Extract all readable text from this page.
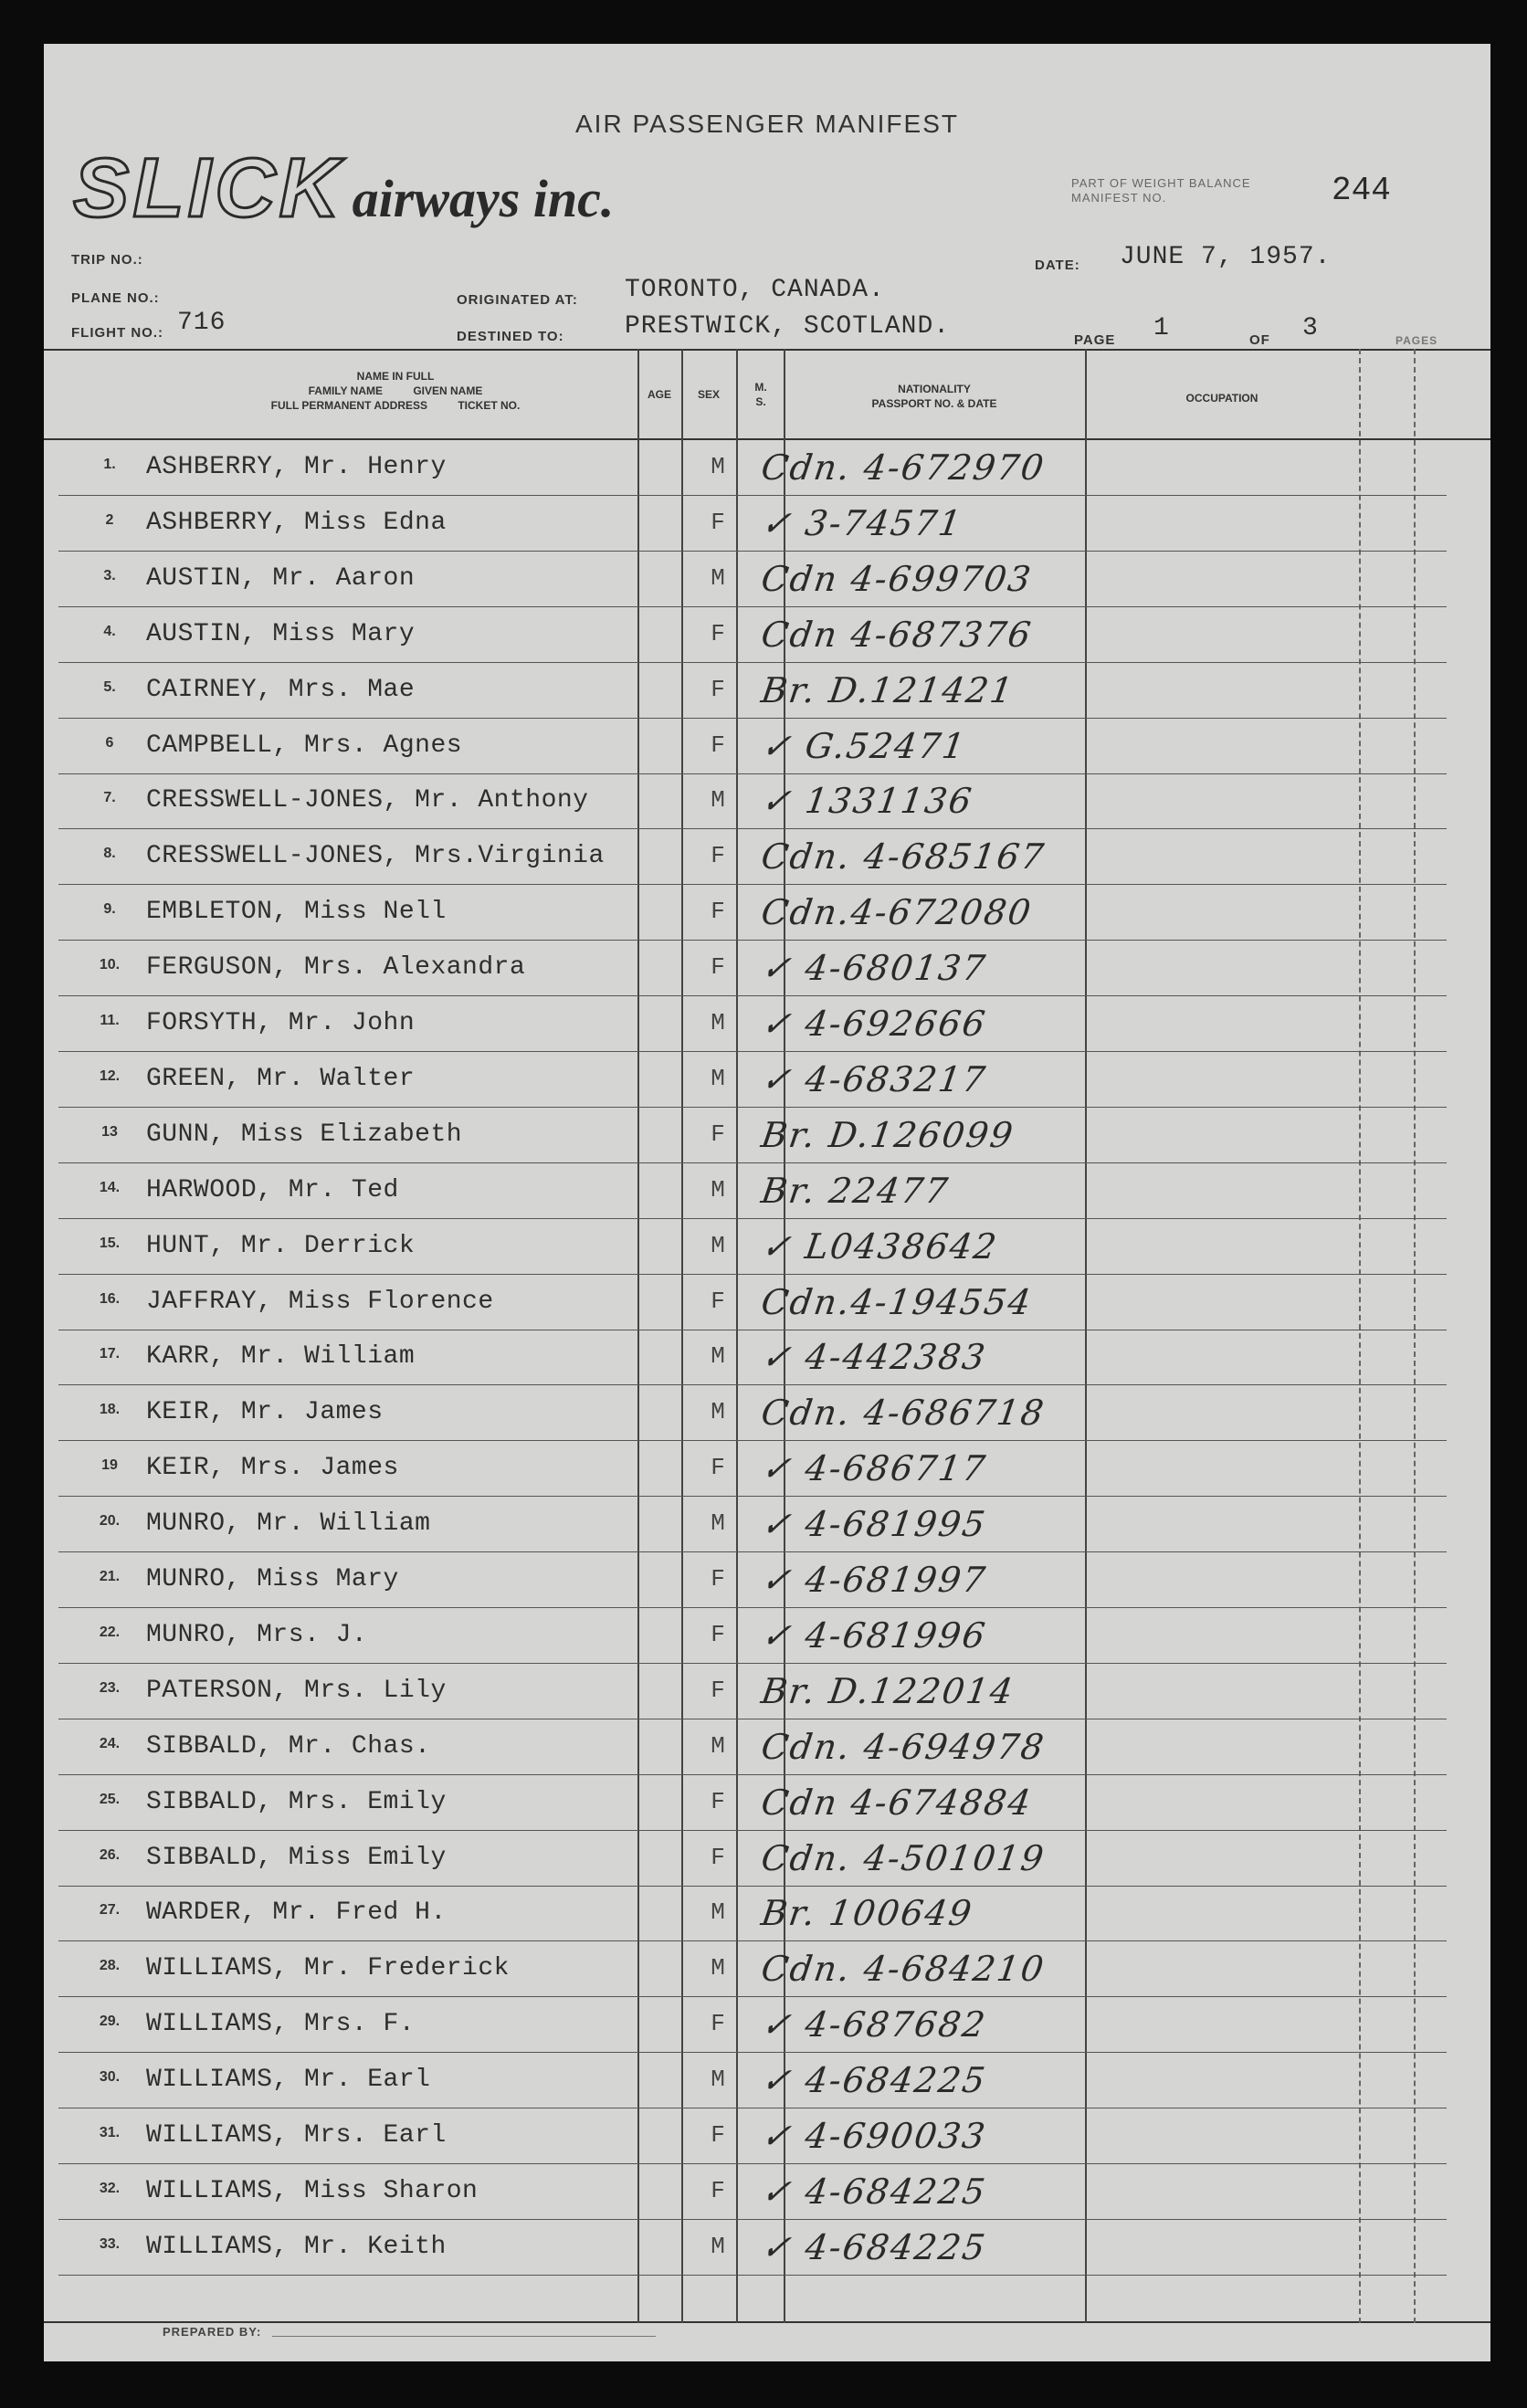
AIR PASSENGER MANIFEST
SLICK airways inc.	PART OF WEIGHT BALANCE
MANIFEST NO.	244
TRIP NO.:
PLANE NO.:
FLIGHT NO.: 716
ORIGINATED AT: TORONTO, CANADA.
DESTINED TO: PRESTWICK, SCOTLAND.
DATE: JUNE 7, 1957.
PAGE 1	OF 3	PAGES
NAME IN FULL
FAMILY NAME          GIVEN NAME
FULL PERMANENT ADDRESS          TICKET NO.
AGE	SEX
M.
S.
NATIONALITY
PASSPORT NO. & DATE	OCCUPATION
1.	ASHBERRY, Mr. Henry	M Cdn. 4-672970
2	ASHBERRY, Miss Edna	F ✓ 3-74571
3.	AUSTIN, Mr. Aaron	M Cdn 4-699703
4.	AUSTIN, Miss Mary	F Cdn 4-687376
5.	CAIRNEY, Mrs. Mae	F Br. D.121421
6	CAMPBELL, Mrs. Agnes	F ✓ G.52471
7.	CRESSWELL-JONES, Mr. Anthony	M ✓ 1331136
8.	CRESSWELL-JONES, Mrs.Virginia	F Cdn. 4-685167
9.	EMBLETON, Miss Nell	F Cdn.4-672080
10.	FERGUSON, Mrs. Alexandra	F ✓ 4-680137
11.	FORSYTH, Mr. John	M ✓ 4-692666
12.	GREEN, Mr. Walter	M ✓ 4-683217
13	GUNN, Miss Elizabeth	F Br. D.126099
14.	HARWOOD, Mr. Ted	M Br. 22477
15.	HUNT, Mr. Derrick	M ✓ L0438642
16.	JAFFRAY, Miss Florence	F Cdn.4-194554
17.	KARR, Mr. William	M ✓ 4-442383
18.	KEIR, Mr. James	M Cdn. 4-686718
19	KEIR, Mrs. James	F ✓ 4-686717
20.	MUNRO, Mr. William	M ✓ 4-681995
21.	MUNRO, Miss Mary	F ✓ 4-681997
22.	MUNRO, Mrs. J.	F ✓ 4-681996
23.	PATERSON, Mrs. Lily	F Br. D.122014
24.	SIBBALD, Mr. Chas.	M Cdn. 4-694978
25.	SIBBALD, Mrs. Emily	F Cdn 4-674884
26.	SIBBALD, Miss Emily	F Cdn. 4-501019
27.	WARDER, Mr. Fred H.	M Br. 100649
28.	WILLIAMS, Mr. Frederick	M Cdn. 4-684210
29.	WILLIAMS, Mrs. F.	F ✓ 4-687682
30.	WILLIAMS, Mr. Earl	M ✓ 4-684225
31.	WILLIAMS, Mrs. Earl	F ✓ 4-690033
32.	WILLIAMS, Miss Sharon	F ✓ 4-684225
33.	WILLIAMS, Mr. Keith	M ✓ 4-684225
PREPARED BY:
